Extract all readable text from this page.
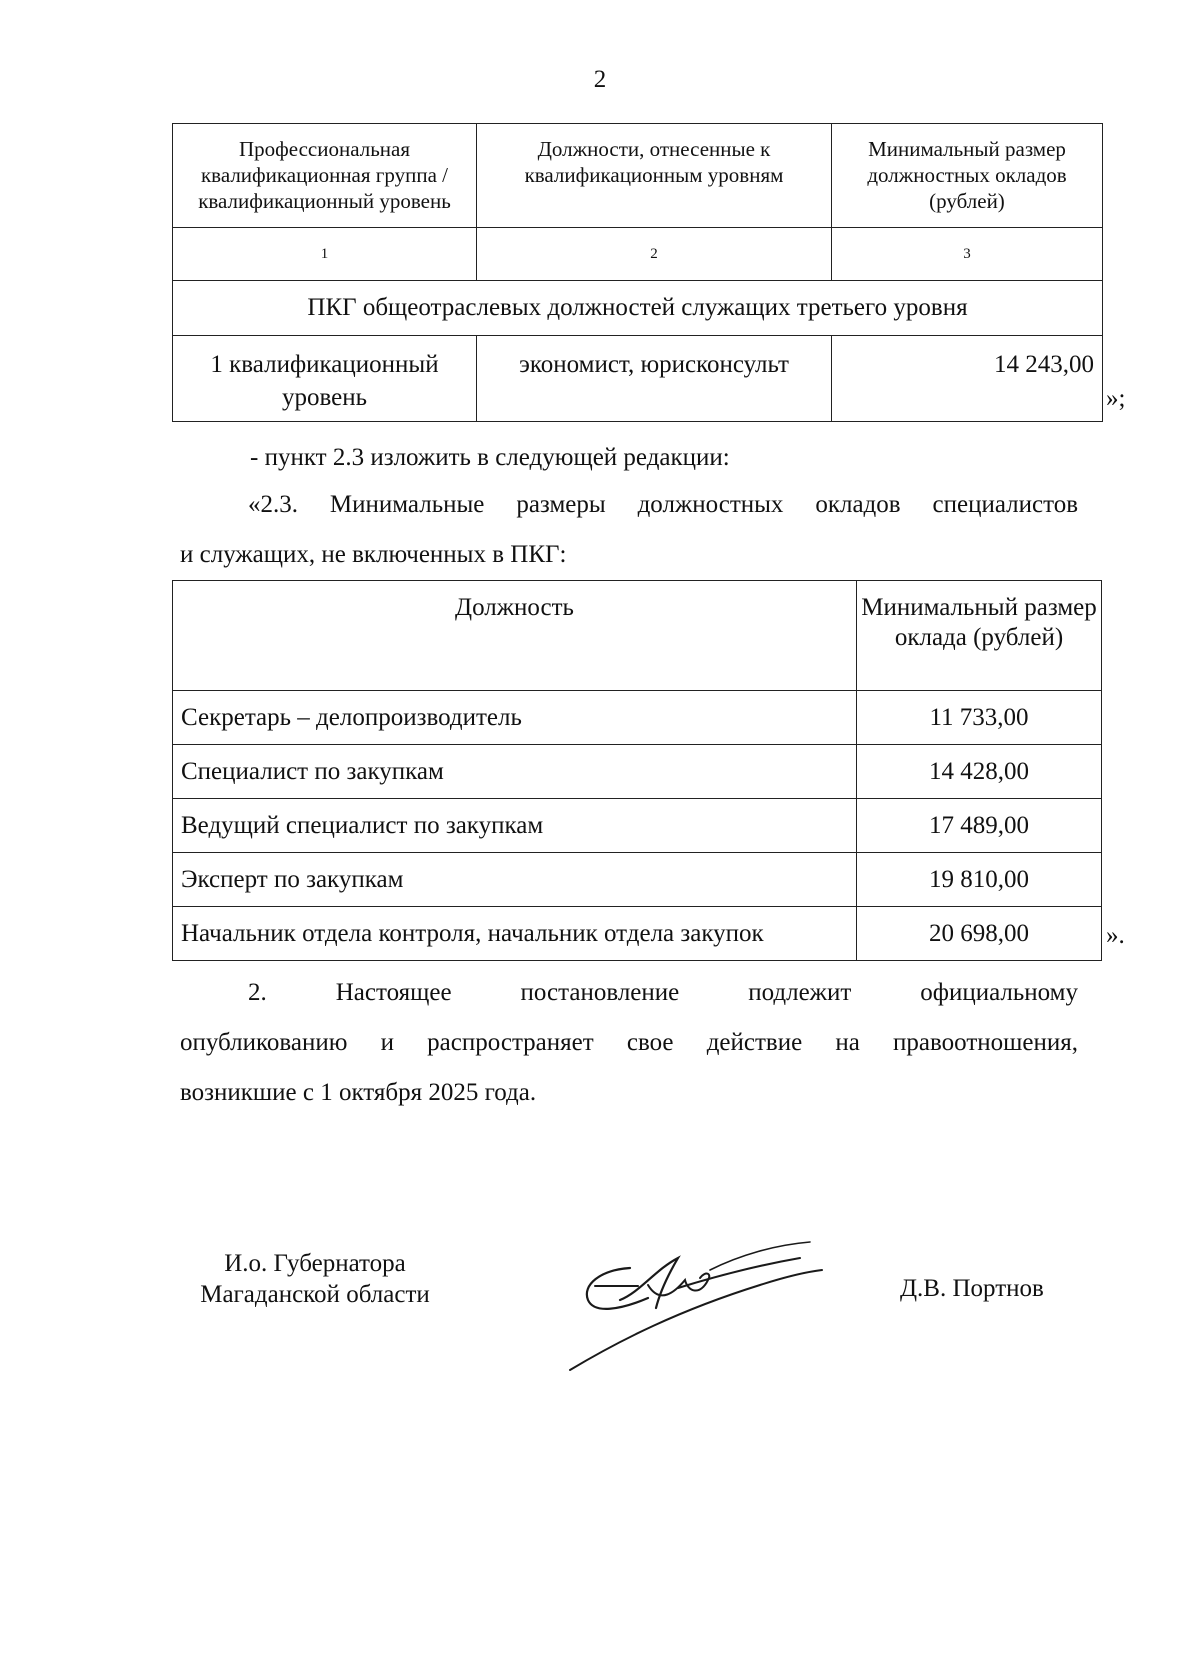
2
Профессиональная квалификационная группа / квалификационный уровень	Должности, отнесенные к квалификационным уровням	Минимальный размер должностных окладов (рублей)
1	2	3
ПКГ общеотраслевых должностей служащих третьего уровня		
1 квалификационный уровень	экономист, юрисконсульт	14 243,00
»;
- пункт 2.3 изложить в следующей редакции:
«2.3. Минимальные размеры должностных окладов специалистов
и служащих, не включенных в ПКГ:
Должность	Минимальный размер оклада (рублей)
Секретарь – делопроизводитель	11 733,00
Специалист по закупкам	14 428,00
Ведущий специалист по закупкам	17 489,00
Эксперт по закупкам	19 810,00
Начальник отдела контроля, начальник отдела закупок	20 698,00	».
2. Настоящее постановление подлежит официальному
опубликованию и распространяет свое действие на правоотношения,
возникшие с 1 октября 2025 года.
И.о. Губернатора
Магаданской области	Д.В. Портнов
